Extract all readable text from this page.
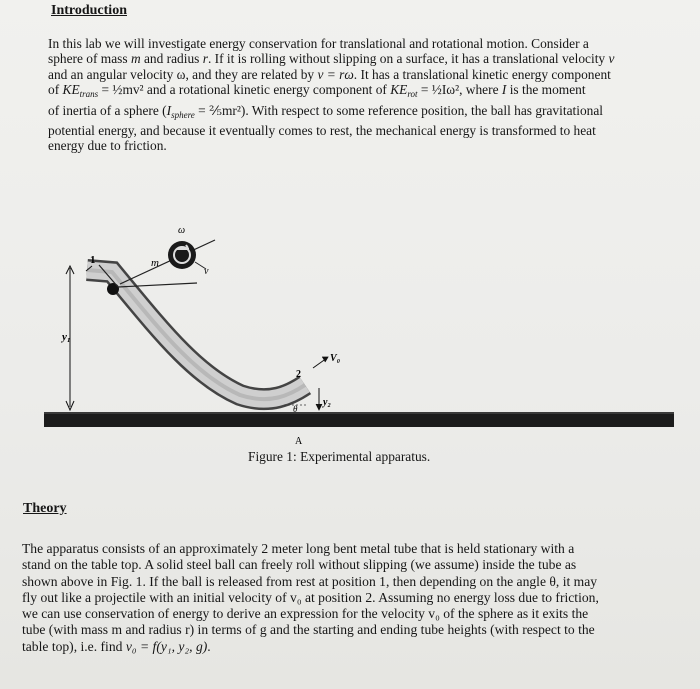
Introduction
In this lab we will investigate energy conservation for translational and rotational motion. Consider a
sphere of mass m and radius r. If it is rolling without slipping on a surface, it has a translational velocity v
and an angular velocity ω, and they are related by v = rω. It has a translational kinetic energy component
of $KE_{trans}$ = ½mv² and a rotational kinetic energy component of $KE_{rot}$ = ½Iω², where I is the moment
of inertia of a sphere ($I_{sphere}$ = ⅖mr²). With respect to some reference position, the ball has gravitational
potential energy, and because it eventually comes to rest, the mechanical energy is transformed to heat
energy due to friction.
ω
m
v
1
y₁
2
V₀
y₂
θ
A
Figure 1: Experimental apparatus.
Theory
The apparatus consists of an approximately 2 meter long bent metal tube that is held stationary with a
stand on the table top. A solid steel ball can freely roll without slipping (we assume) inside the tube as
shown above in Fig. 1. If the ball is released from rest at position 1, then depending on the angle θ, it may
fly out like a projectile with an initial velocity of v₀ at position 2. Assuming no energy loss due to friction,
we can use conservation of energy to derive an expression for the velocity v₀ of the sphere as it exits the
tube (with mass m and radius r) in terms of g and the starting and ending tube heights (with respect to the
table top), i.e. find v₀ = f(y₁, y₂, g).
